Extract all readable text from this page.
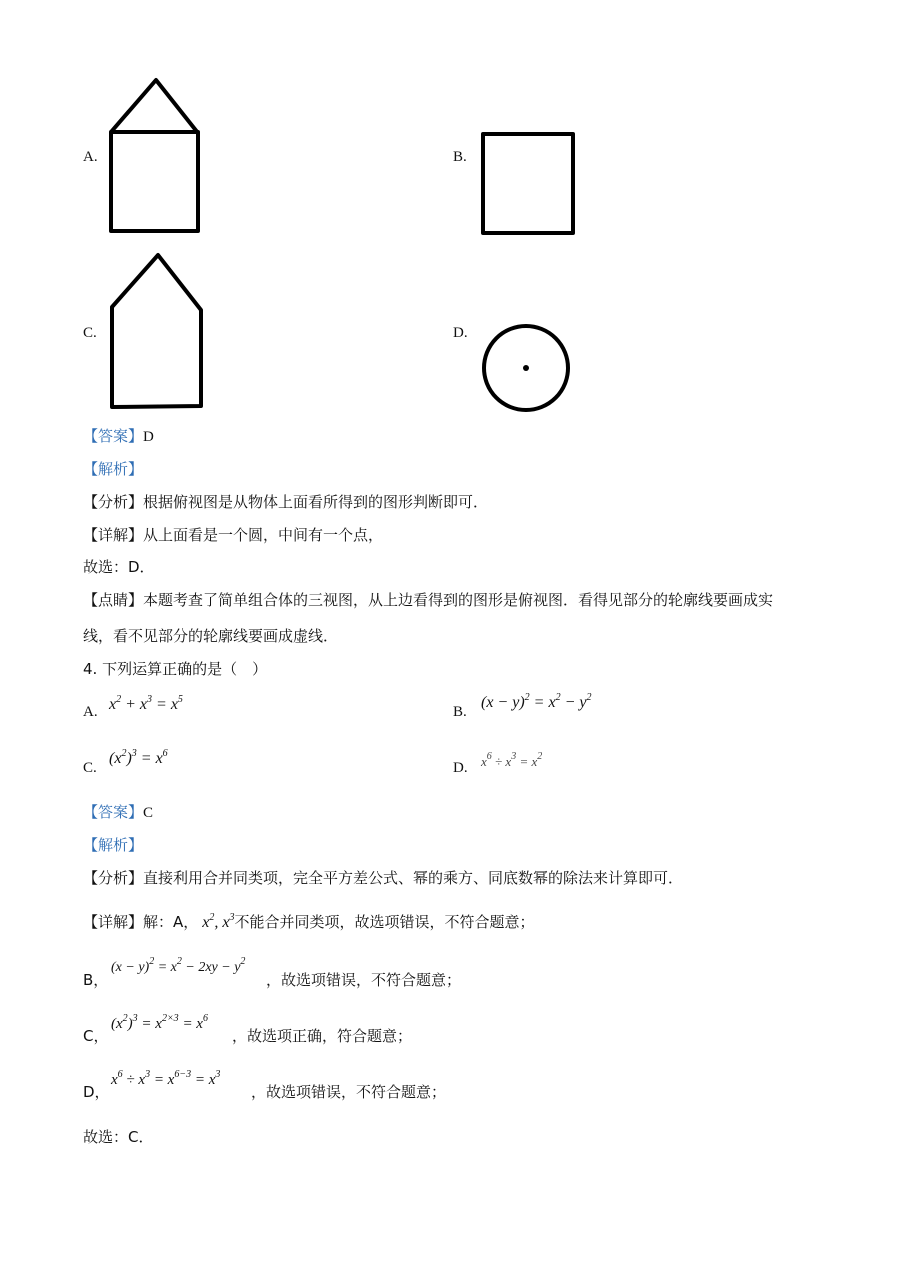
A.	B.
C.	D.
【答案】D
【解析】
【分析】根据俯视图是从物体上面看所得到的图形判断即可．
【详解】从上面看是一个圆，中间有一个点，
故选：D．
【点睛】本题考查了简单组合体的三视图，从上边看得到的图形是俯视图．看得见部分的轮廓线要画成实
线，看不见部分的轮廓线要画成虚线．
4. 下列运算正确的是（　）
A. $x^2 + x^3 = x^5$
B.
$(x - y)^2 = x^2 - y^2$
C.
$(x^2)^3 = x^6$
D. $x^6 \div x^3 = x^2$
【答案】C
【解析】
【分析】直接利用合并同类项，完全平方差公式、幂的乘方、同底数幂的除法来计算即可．
【详解】解：A， $x^2$, $x^3$不能合并同类项，故选项错误，不符合题意；
B，
$(x - y)^2 = x^2 - 2xy - y^2$
，故选项错误，不符合题意；
C，
$(x^2)^3 = x^{2\times 3} = x^6$
，故选项正确，符合题意；
D，
$x^6 \div x^3 = x^{6-3} = x^3$
，故选项错误，不符合题意；
故选：C．
